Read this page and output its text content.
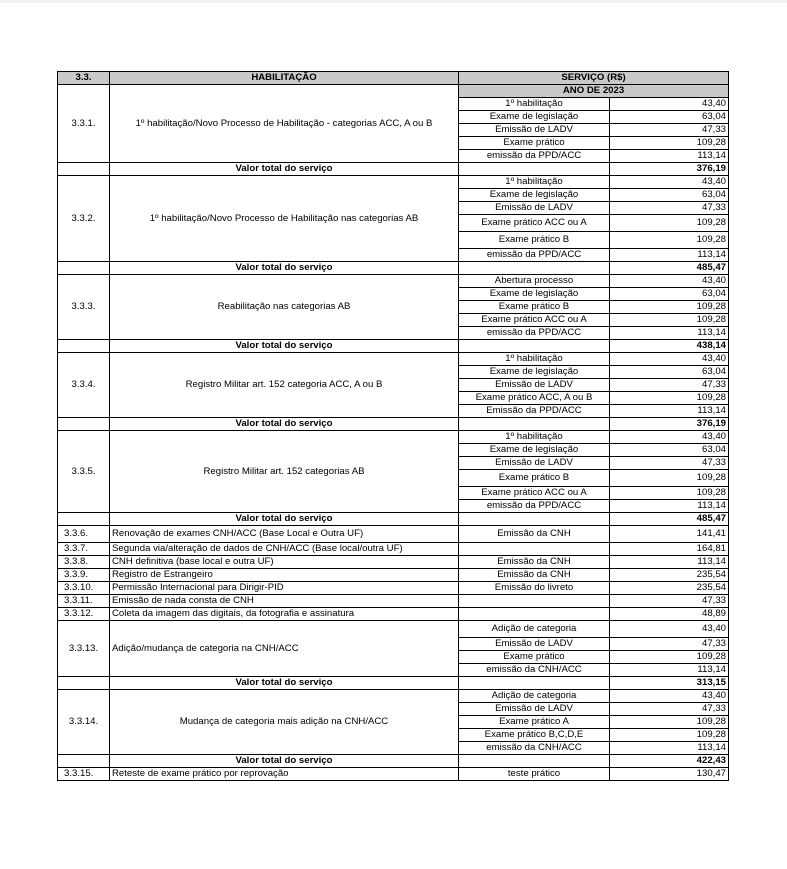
3.3.	HABILITAÇÃO	SERVIÇO (R$)	
3.3.1.	1º habilitação/Novo Processo de Habilitação - categorias ACC, A ou B	ANO DE 2023	
		1º habilitação	43,40
		Exame de legislação	63,04
		Emissão de LADV	47,33
		Exame prático	109,28
		emissão da PPD/ACC	113,14
	Valor total do serviço		376,19
3.3.2.	1º habilitação/Novo Processo de Habilitação nas categorias AB	1º habilitação	43,40
		Exame de legislação	63,04
		Emissão de LADV	47,33
		Exame prático ACC ou A	109,28
		Exame prático B	109,28
		emissão da PPD/ACC	113,14
	Valor total do serviço		485,47
3.3.3.	Reabilitação nas categorias AB	Abertura processo	43,40
		Exame de legislação	63,04
		Exame prático B	109,28
		Exame prático ACC ou A	109,28
		emissão da PPD/ACC	113,14
	Valor total do serviço		438,14
3.3.4.	Registro Militar art. 152 categoria ACC, A ou B	1º habilitação	43,40
		Exame de legislação	63,04
		Emissão de LADV	47,33
		Exame prático ACC, A ou B	109,28
		Emissão da PPD/ACC	113,14
	Valor total do serviço		376,19
3.3.5.	Registro Militar art. 152 categorias AB	1º habilitação	43,40
		Exame de legislação	63,04
		Emissão de LADV	47,33
		Exame prático B	109,28
		Exame prático ACC ou A	109,28
		emissão da PPD/ACC	113,14
	Valor total do serviço		485,47
3.3.6.	Renovação de exames CNH/ACC (Base Local e Outra UF)	Emissão da CNH	141,41
3.3.7.	Segunda via/alteração de dados de CNH/ACC (Base local/outra UF)		164,81
3.3.8.	CNH definitiva (base local e outra UF)	Emissão da CNH	113,14
3.3.9.	Registro de Estrangeiro	Emissão da CNH	235,54
3.3.10.	Permissão Internacional para Dirigir-PID	Emissão do livreto	235,54
3.3.11.	Emissão de nada consta de CNH		47,33
3.3.12.	Coleta da imagem das digitais, da fotografia e assinatura		48,89
3.3.13.	Adição/mudança de categoria na CNH/ACC	Adição de categoria	43,40
		Emissão de LADV	47,33
		Exame prático	109,28
		emissão da CNH/ACC	113,14
	Valor total do serviço		313,15
3.3.14.	Mudança de categoria mais adição na CNH/ACC	Adição de categoria	43,40
		Emissão de LADV	47,33
		Exame prático A	109,28
		Exame prático B,C,D,E	109,28
		emissão da CNH/ACC	113,14
	Valor total do serviço		422,43
3.3.15.	Reteste de exame prático por reprovação	teste prático	130,47
